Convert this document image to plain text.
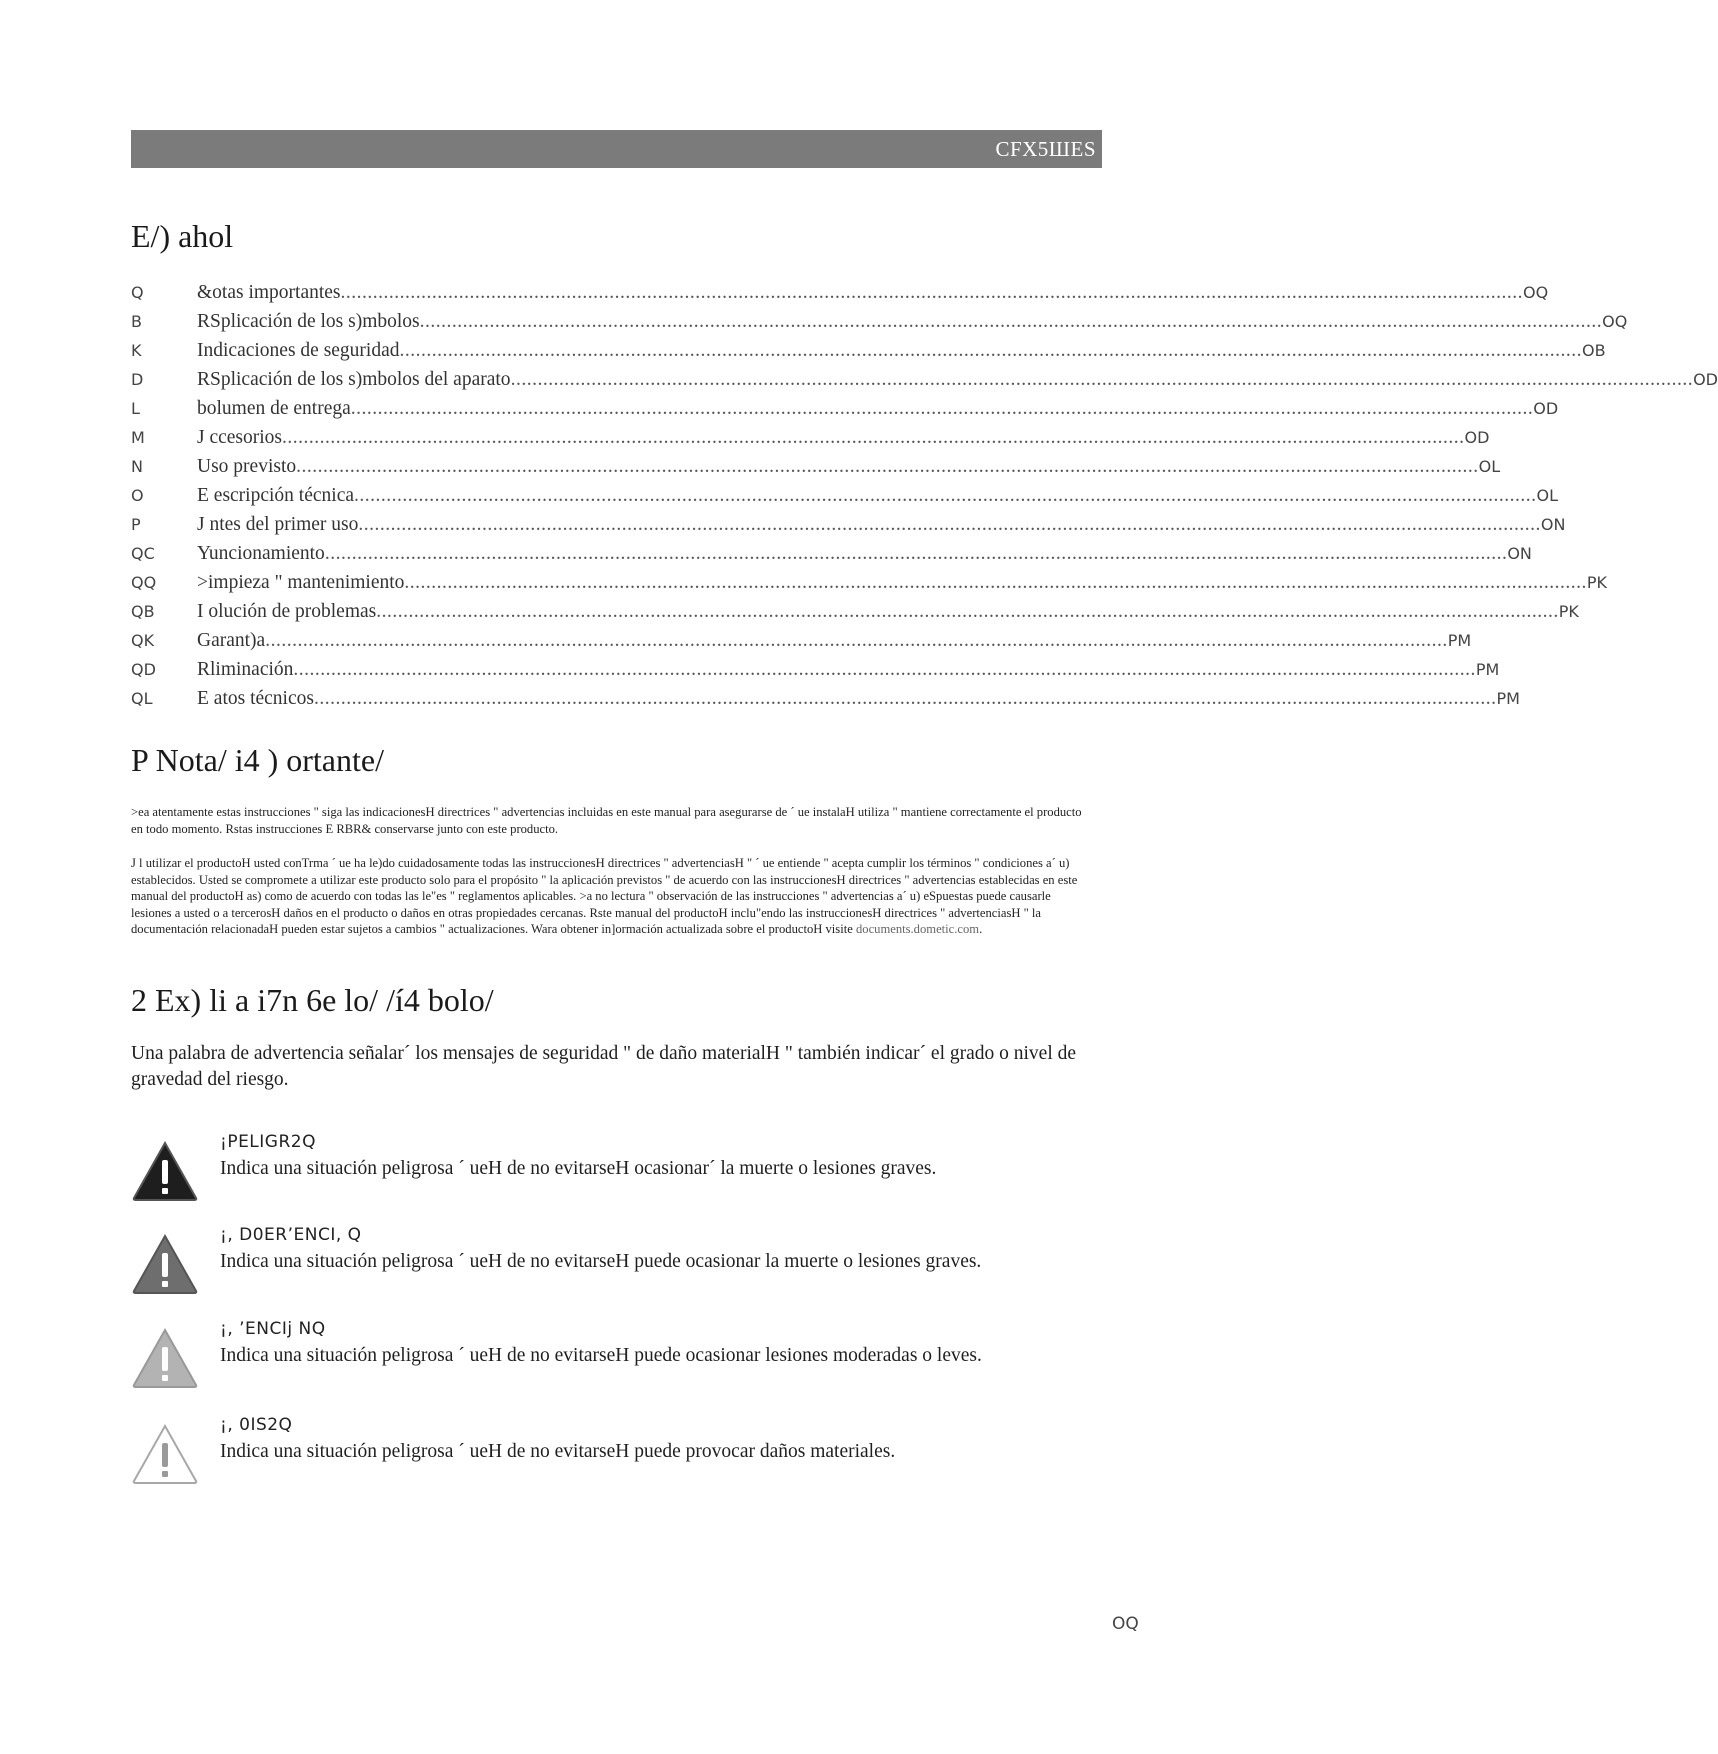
CFX5ШES
E/) ahol
Q	&otas importantes ............................................................................................................................................................................................................................ OQ
B	RSplicación de los s)mbolos ............................................................................................................................................................................................................................ OQ
K	Indicaciones de seguridad ............................................................................................................................................................................................................................ OB
D	RSplicación de los s)mbolos del aparato ............................................................................................................................................................................................................................ OD
L	bolumen de entrega ............................................................................................................................................................................................................................ OD
M	J ccesorios ............................................................................................................................................................................................................................ OD
N	Uso previsto ............................................................................................................................................................................................................................ OL
O	E escripción técnica ............................................................................................................................................................................................................................ OL
P	J ntes del primer uso ............................................................................................................................................................................................................................ ON
QC	Yuncionamiento ............................................................................................................................................................................................................................ ON
QQ	>impieza " mantenimiento ............................................................................................................................................................................................................................ PK
QB	I olución de problemas ............................................................................................................................................................................................................................ PK
QK	Garant)a ............................................................................................................................................................................................................................ PM
QD	Rliminación ............................................................................................................................................................................................................................ PM
QL	E atos técnicos ............................................................................................................................................................................................................................ PM
P Nota/ i4 ) ortante/

>ea atentamente estas instrucciones " siga las indicacionesH directrices " advertencias incluidas en este manual para asegurarse de ´ ue instalaH utiliza " mantiene correctamente el producto en todo momento. Rstas instrucciones E RBR& conservarse junto con este producto.

J l utilizar el productoH usted conTrma ´ ue ha le)do cuidadosamente todas las instruccionesH directrices " advertenciasH " ´ ue entiende " acepta cumplir los términos " condiciones a´ u) establecidos. Usted se compromete a utilizar este producto solo para el propósito " la aplicación previstos " de acuerdo con las instruccionesH directrices " advertencias establecidas en este manual del productoH as) como de acuerdo con todas las le"es " reglamentos aplicables. >a no lectura " observación de las instrucciones " advertencias a´ u) eSpuestas puede causarle lesiones a usted o a tercerosH daños en el producto o daños en otras propiedades cercanas. Rste manual del productoH inclu"endo las instruccionesH directrices " advertenciasH " la documentación relacionadaH pueden estar sujetos a cambios " actualizaciones. Wara obtener in]ormación actualizada sobre el productoH visite documents.dometic.com.

2 Ex) li a i7n 6e lo/ /í4 bolo/

Una palabra de advertencia señalar´ los mensajes de seguridad " de daño materialH " también indicar´ el grado o nivel de gravedad del riesgo.

¡PELIGR2Q
Indica una situación peligrosa ´ ueH de no evitarseH ocasionar´ la muerte o lesiones graves.
¡, D0ER’ENCI, Q
Indica una situación peligrosa ´ ueH de no evitarseH puede ocasionar la muerte o lesiones graves.
¡, ’ENCIj NQ
Indica una situación peligrosa ´ ueH de no evitarseH puede ocasionar lesiones moderadas o leves.
¡, 0IS2Q
Indica una situación peligrosa ´ ueH de no evitarseH puede provocar daños materiales.
OQ
